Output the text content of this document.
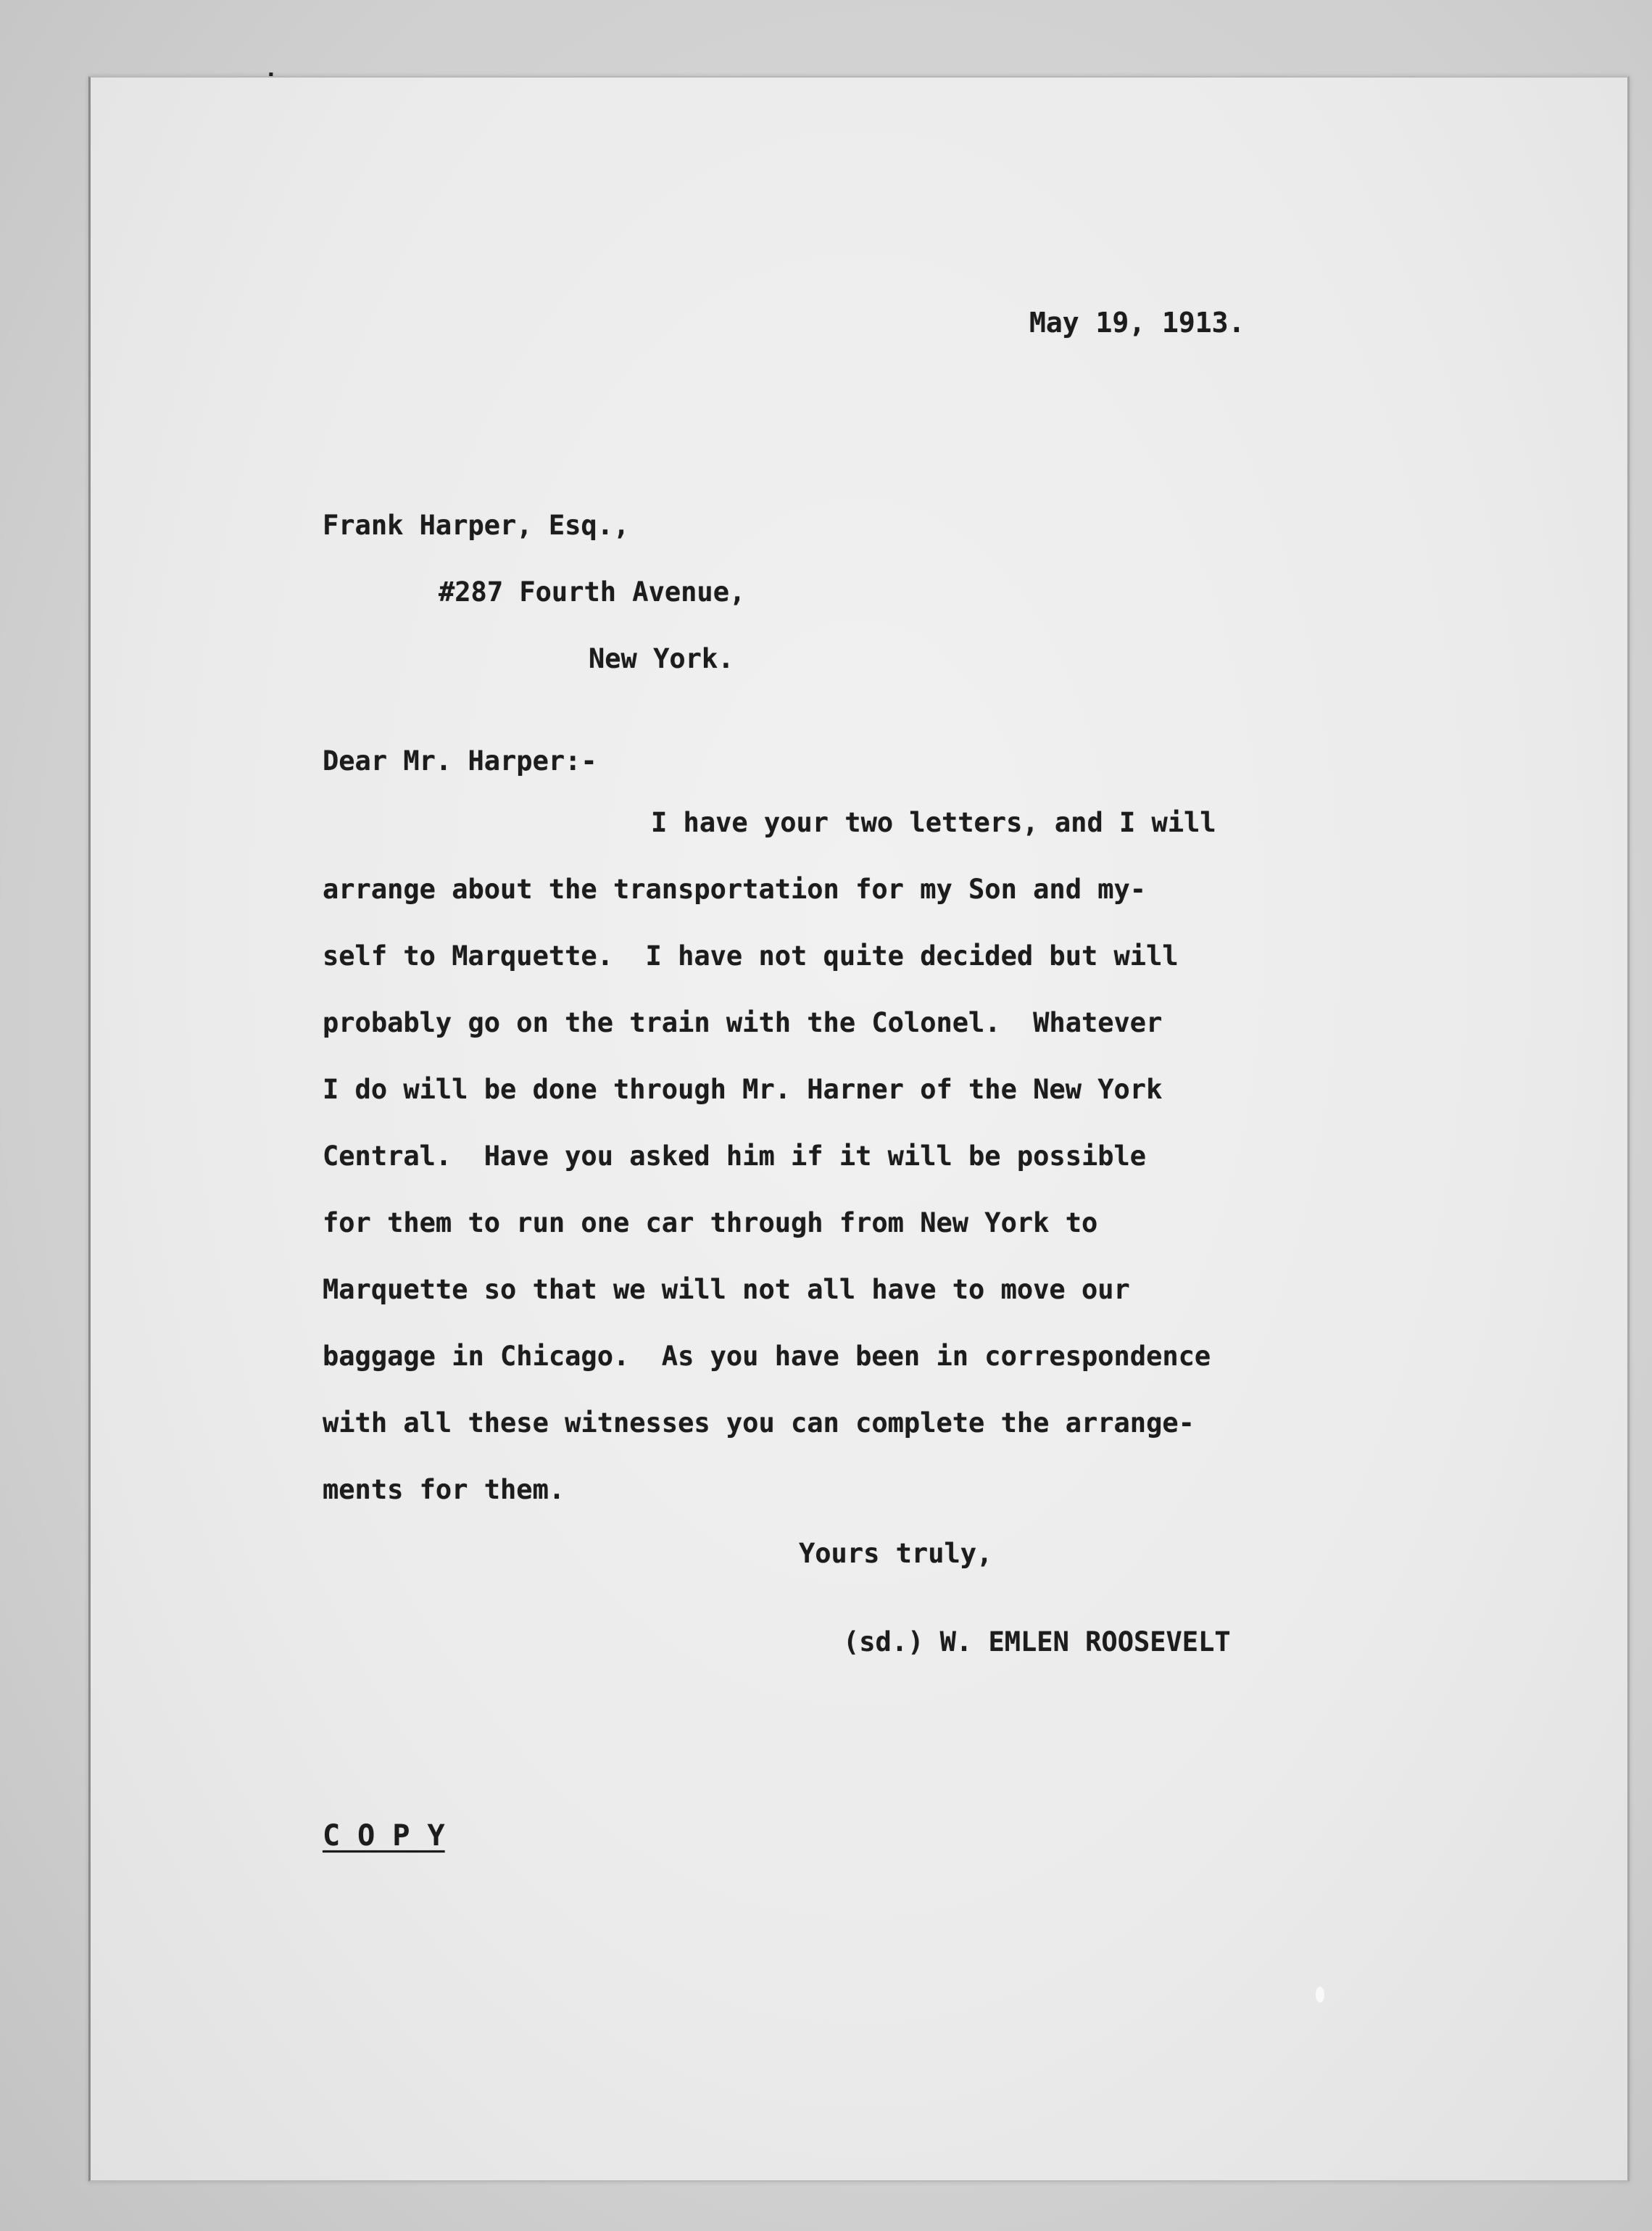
May 19, 1913.
Frank Harper, Esq.,
#287 Fourth Avenue,
New York.
Dear Mr. Harper:-
I have your two letters, and I will
arrange about the transportation for my Son and my-
self to Marquette.  I have not quite decided but will
probably go on the train with the Colonel.  Whatever
I do will be done through Mr. Harner of the New York
Central.  Have you asked him if it will be possible
for them to run one car through from New York to
Marquette so that we will not all have to move our
baggage in Chicago.  As you have been in correspondence
with all these witnesses you can complete the arrange-
ments for them.
Yours truly,
(sd.) W. EMLEN ROOSEVELT
C O P Y
